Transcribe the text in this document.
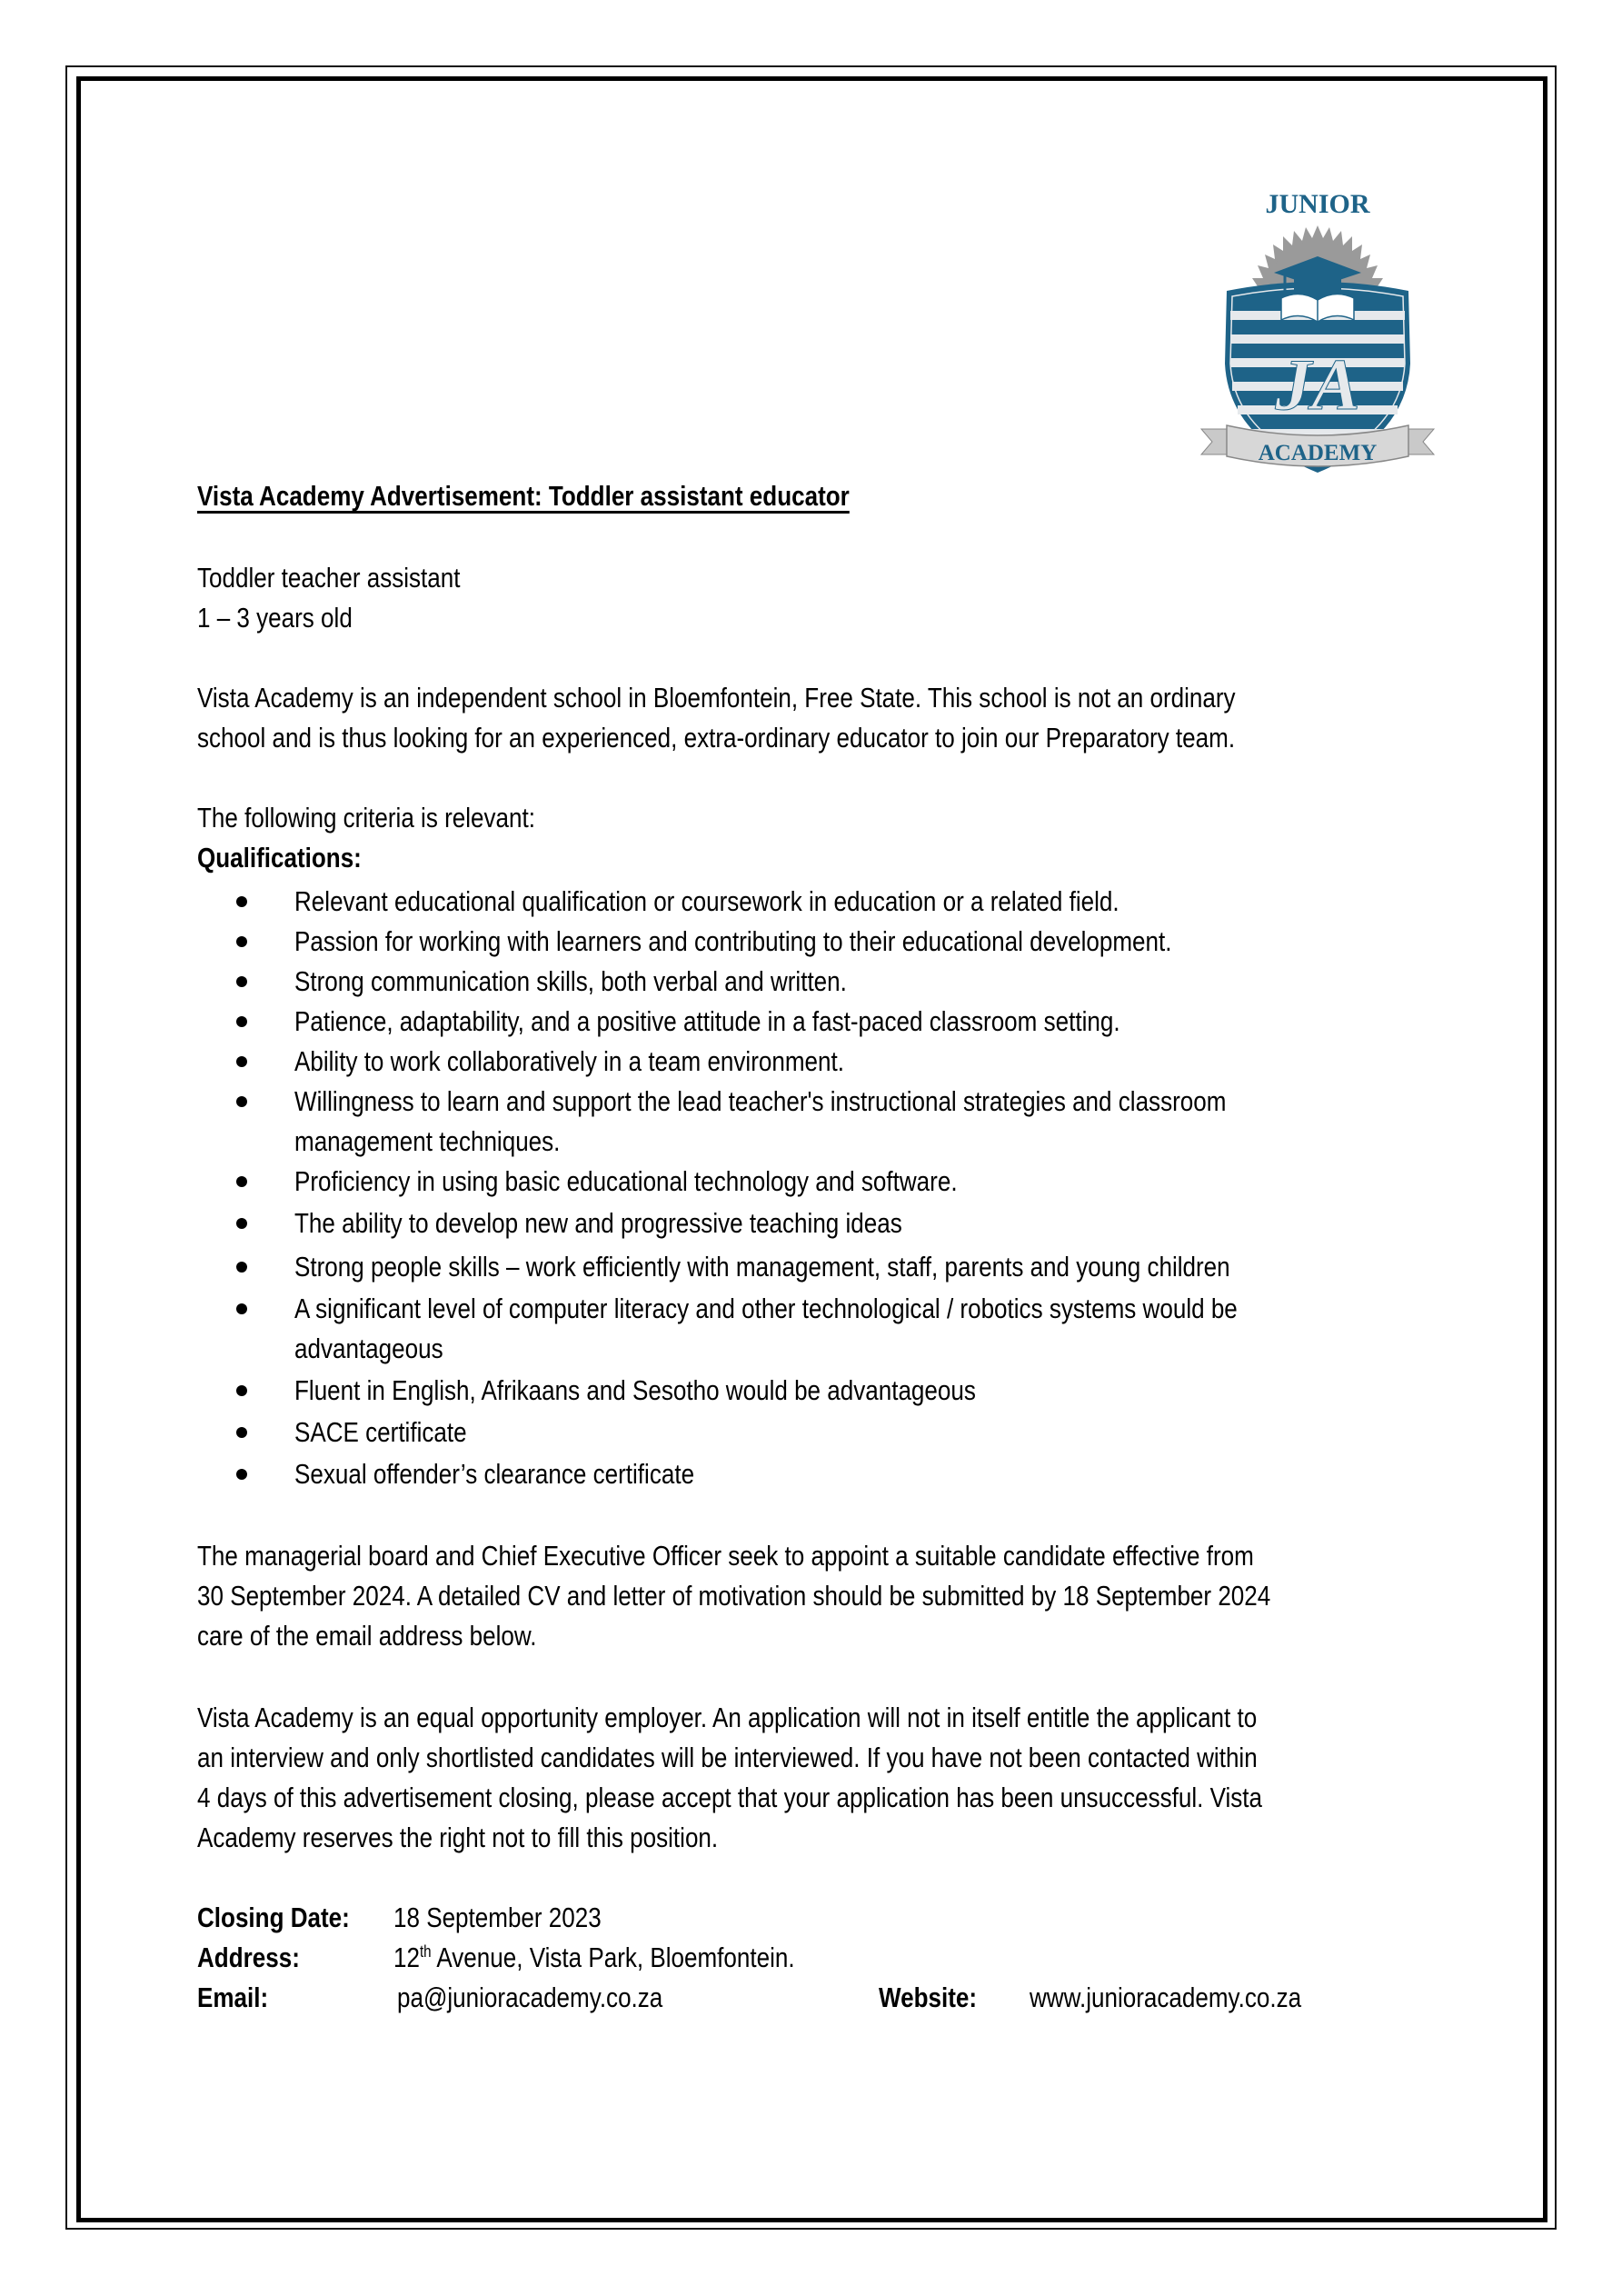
JUNIOR
JA
ACADEMY
Vista Academy Advertisement: Toddler assistant educator
Toddler teacher assistant
1 – 3 years old
Vista Academy is an independent school in Bloemfontein, Free State. This school is not an ordinary
school and is thus looking for an experienced, extra-ordinary educator to join our Preparatory team.
The following criteria is relevant:
Qualifications:
Relevant educational qualification or coursework in education or a related field.
Passion for working with learners and contributing to their educational development.
Strong communication skills, both verbal and written.
Patience, adaptability, and a positive attitude in a fast-paced classroom setting.
Ability to work collaboratively in a team environment.
Willingness to learn and support the lead teacher's instructional strategies and classroom
management techniques.
Proficiency in using basic educational technology and software.
The ability to develop new and progressive teaching ideas
Strong people skills – work efficiently with management, staff, parents and young children
A significant level of computer literacy and other technological / robotics systems would be
advantageous
Fluent in English, Afrikaans and Sesotho would be advantageous
SACE certificate
Sexual offender’s clearance certificate
The managerial board and Chief Executive Officer seek to appoint a suitable candidate effective from
30 September 2024. A detailed CV and letter of motivation should be submitted by 18 September 2024
care of the email address below.
Vista Academy is an equal opportunity employer. An application will not in itself entitle the applicant to
an interview and only shortlisted candidates will be interviewed. If you have not been contacted within
4 days of this advertisement closing, please accept that your application has been unsuccessful. Vista
Academy reserves the right not to fill this position.
Closing Date: 18 September 2023
Address:	12th Avenue, Vista Park, Bloemfontein.
Email:	pa@junioracademy.co.za	Website: www.junioracademy.co.za
